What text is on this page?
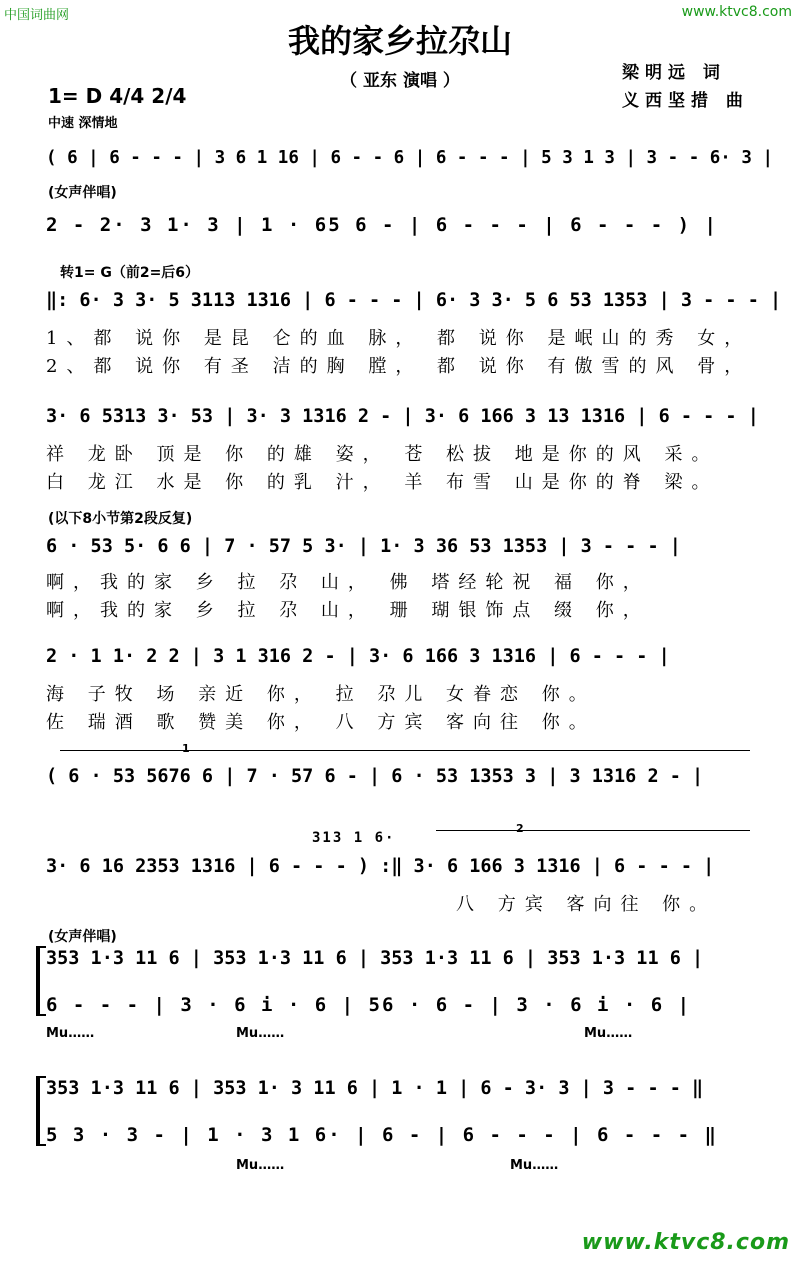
中国词曲网	www.ktvc8.com
我的家乡拉尕山
（ 亚东 演唱 ）	梁明远 词
义西坚措 曲
1= D 4/4 2/4
中速 深情地
( 6 | 6 - - - | 3 6 1 16 | 6 - - 6 | 6 - - - | 5 3 1 3 | 3 - - 6· 3 |
(女声伴唱)
2 - 2· 3 1· 3 | 1 · 65 6 - | 6 - - - | 6 - - - ) |
转1= G（前2=后6）
‖: 6· 3 3· 5 3113 1316 | 6 - - - | 6· 3 3· 5 6 53 1353 | 3 - - - |
1、都 说你 是昆 仑的血 脉， 都 说你 是岷山的秀 女，
2、都 说你 有圣 洁的胸 膛， 都 说你 有傲雪的风 骨，
3· 6 5313 3· 53 | 3· 3 1316 2 - | 3· 6 166 3 13 1316 | 6 - - - |
祥 龙卧 顶是 你 的雄 姿， 苍 松拔 地是你的风 采。
白 龙江 水是 你 的乳 汁， 羊 布雪 山是你的脊 梁。
(以下8小节第2段反复)
6 · 53 5· 6 6 | 7 · 57 5 3· | 1· 3 36 53 1353 | 3 - - - |
啊，我的家 乡 拉 尕 山， 佛 塔经轮祝 福 你，
啊，我的家 乡 拉 尕 山， 珊 瑚银饰点 缀 你，
2 · 1 1· 2 2 | 3 1 316 2 - | 3· 6 166 3 1316 | 6 - - - |
海 子牧 场 亲近 你， 拉 尕儿 女眷恋 你。
佐 瑞酒 歌 赞美 你， 八 方宾 客向往 你。
1
( 6 · 53 5676 6 | 7 · 57 6 - | 6 · 53 1353 3 | 3 1316 2 - |
313 1 6·
2
3· 6 16 2353 1316 | 6 - - - ) :‖ 3· 6 166 3 1316 | 6 - - - |
八 方宾 客向往 你。
(女声伴唱)
353 1·3 11 6 | 353 1·3 11 6 | 353 1·3 11 6 | 353 1·3 11 6 |
6 - - - | 3 · 6 i · 6 | 56 · 6 - | 3 · 6 i · 6 |
Mu……	Mu……	Mu……
353 1·3 11 6 | 353 1· 3 11 6 | 1 · 1 | 6 - 3· 3 | 3 - - - ‖
5 3 · 3 - | 1 · 3 1 6· | 6 - | 6 - - - | 6 - - - ‖
Mu……	Mu……
www.ktvc8.com
